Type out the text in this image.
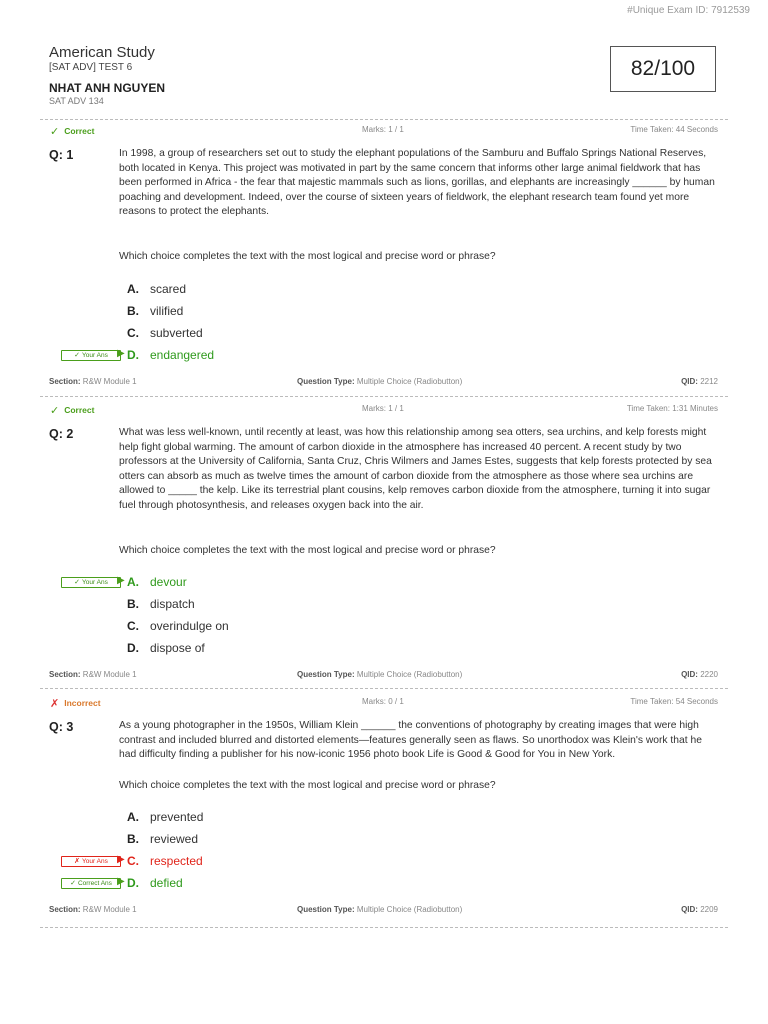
#Unique Exam ID: 7912539
American Study
[SAT ADV] TEST 6
NHAT ANH NGUYEN
SAT ADV 134
82/100
✓ Correct	Marks: 1 / 1	Time Taken: 44 Seconds
Q: 1	In 1998, a group of researchers set out to study the elephant populations of the Samburu and Buffalo Springs National Reserves, both located in Kenya. This project was motivated in part by the same concern that informs other large animal fieldwork that has been performed in Africa - the fear that majestic mammals such as lions, gorillas, and elephants are increasingly ______ by human poaching and development. Indeed, over the course of sixteen years of fieldwork, the elephant research team found yet more reasons to protect the elephants.

Which choice completes the text with the most logical and precise word or phrase?

A. scared
B. vilified
C. subverted
✓ Your Ans ▶ D. endangered
Section: R&W Module 1	Question Type: Multiple Choice (Radiobutton)	QID: 2212
✓ Correct	Marks: 1 / 1	Time Taken: 1:31 Minutes
Q: 2	What was less well-known, until recently at least, was how this relationship among sea otters, sea urchins, and kelp forests might help fight global warming. The amount of carbon dioxide in the atmosphere has increased 40 percent. A recent study by two professors at the University of California, Santa Cruz, Chris Wilmers and James Estes, suggests that kelp forests protected by sea otters can absorb as much as twelve times the amount of carbon dioxide from the atmosphere as those where sea urchins are allowed to _____ the kelp. Like its terrestrial plant cousins, kelp removes carbon dioxide from the atmosphere, turning it into sugar fuel through photosynthesis, and releases oxygen back into the air.

Which choice completes the text with the most logical and precise word or phrase?

✓ Your Ans ▶ A. devour
B. dispatch
C. overindulge on
D. dispose of
Section: R&W Module 1	Question Type: Multiple Choice (Radiobutton)	QID: 2220
✗ Incorrect	Marks: 0 / 1	Time Taken: 54 Seconds
Q: 3	As a young photographer in the 1950s, William Klein ______ the conventions of photography by creating images that were high contrast and included blurred and distorted elements—features generally seen as flaws. So unorthodox was Klein's work that he had difficulty finding a publisher for his now-iconic 1956 photo book Life is Good & Good for You in New York.

Which choice completes the text with the most logical and precise word or phrase?

A. prevented
B. reviewed
✗ Your Ans ▶ C. respected
✓ Correct Ans ▶ D. defied
Section: R&W Module 1	Question Type: Multiple Choice (Radiobutton)	QID: 2209
